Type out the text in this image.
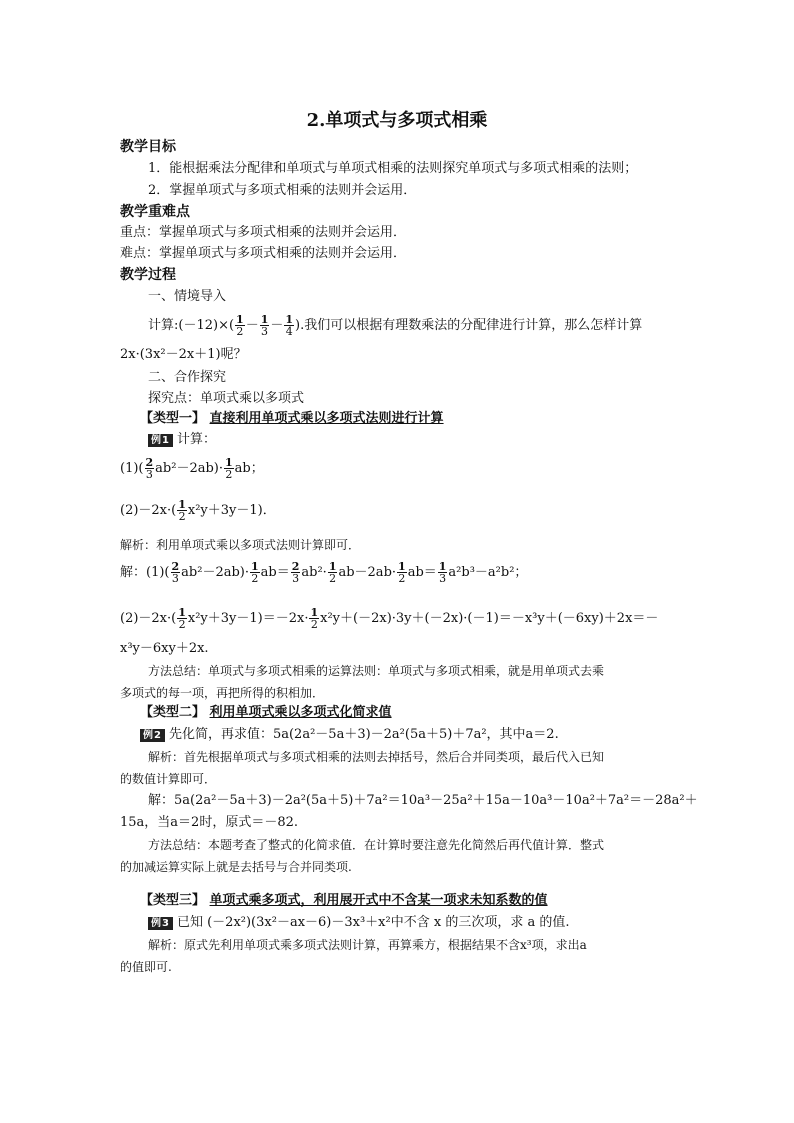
2.单项式与多项式相乘
教学目标
1．能根据乘法分配律和单项式与单项式相乘的法则探究单项式与多项式相乘的法则；
2．掌握单项式与多项式相乘的法则并会运用．
教学重难点
重点：掌握单项式与多项式相乘的法则并会运用．
难点：掌握单项式与多项式相乘的法则并会运用．
教学过程
一、情境导入
计算:(－12)×( $\frac{1}{2} - \frac{1}{3} - \frac{1}{4}$ ).我们可以根据有理数乘法的分配律进行计算，那么怎样计算
2x·(3x²－2x＋1)呢？
二、合作探究
探究点：单项式乘以多项式
【类型一】 直接利用单项式乘以多项式法则进行计算
例1 计算：
$(1)( \frac{2}{3} ab^2-2ab)\cdot \frac{1}{2}$ ab；
$(2)-2x\cdot( \frac{1}{2} x^2y+3y-1)$．
解析：利用单项式乘以多项式法则计算即可．
解：$(1)( \frac{2}{3} ab^2-2ab)\cdot \frac{1}{2} ab= \frac{2}{3} ab^2\cdot \frac{1}{2} ab-2ab\cdot \frac{1}{2} ab= \frac{1}{3} a^2b^3-a^2b^2$；
$(2)-2x\cdot( \frac{1}{2} x^2y+3y-1)=-2x\cdot \frac{1}{2} x^2y+(-2x)\cdot 3y+(-2x)\cdot(-1)=-x^3y+(-6xy)+2x=-$
x³y－6xy＋2x.
方法总结：单项式与多项式相乘的运算法则：单项式与多项式相乘，就是用单项式去乘
多项式的每一项，再把所得的积相加．
【类型二】 利用单项式乘以多项式化简求值
例2 先化简，再求值：5a(2a²－5a＋3)－2a²(5a＋5)＋7a²，其中a＝2.
解析：首先根据单项式与多项式相乘的法则去掉括号，然后合并同类项，最后代入已知
的数值计算即可．
解：5a(2a²－5a＋3)－2a²(5a＋5)＋7a²＝10a³－25a²＋15a－10a³－10a²＋7a²＝－28a²＋
15a，当a＝2时，原式＝－82.
方法总结：本题考查了整式的化简求值．在计算时要注意先化简然后再代值计算．整式
的加减运算实际上就是去括号与合并同类项.
【类型三】 单项式乘多项式，利用展开式中不含某一项求未知系数的值
例3 已知 (－2x²)(3x²－ax－6)－3x³＋x²中不含 x 的三次项，求 a 的值.
解析：原式先利用单项式乘多项式法则计算，再算乘方，根据结果不含x³项，求出a
的值即可.
